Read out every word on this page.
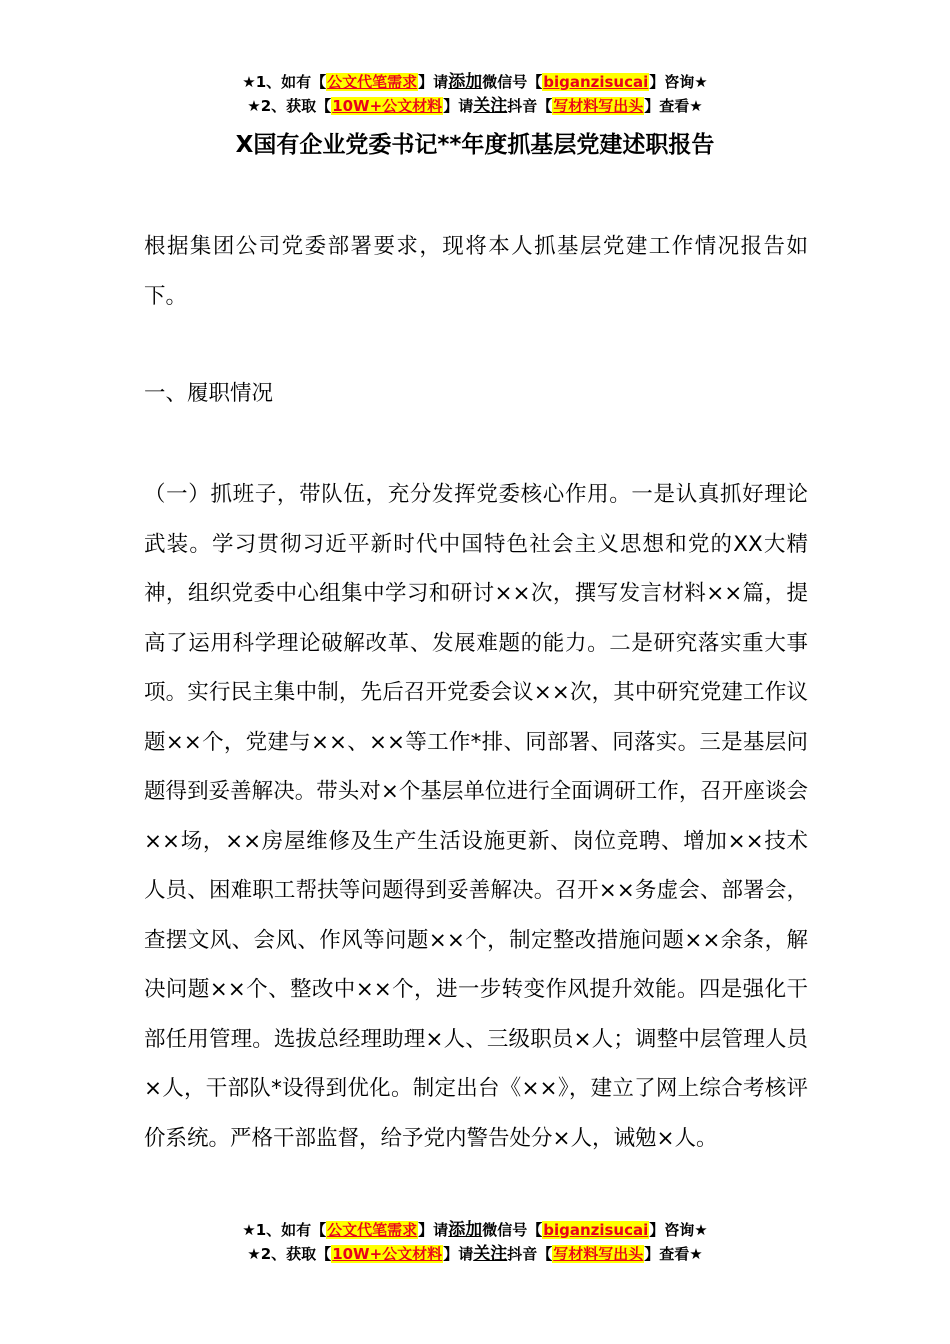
★1、如有【公文代笔需求】请添加微信号【biganzisucai】咨询★
★2、获取【10W+公文材料】请关注抖音【写材料写出头】查看★
X国有企业党委书记**年度抓基层党建述职报告

根据集团公司党委部署要求，现将本人抓基层党建工作情况报告如下。

一、履职情况

（一）抓班子，带队伍，充分发挥党委核心作用。一是认真抓好理论武装。学习贯彻习近平新时代中国特色社会主义思想和党的XX大精神，组织党委中心组集中学习和研讨××次，撰写发言材料××篇，提高了运用科学理论破解改革、发展难题的能力。二是研究落实重大事项。实行民主集中制，先后召开党委会议××次，其中研究党建工作议题××个，党建与××、××等工作*排、同部署、同落实。三是基层问题得到妥善解决。带头对×个基层单位进行全面调研工作，召开座谈会××场，××房屋维修及生产生活设施更新、岗位竞聘、增加××技术人员、困难职工帮扶等问题得到妥善解决。召开××务虚会、部署会，查摆文风、会风、作风等问题××个，制定整改措施问题××余条，解决问题××个、整改中××个，进一步转变作风提升效能。四是强化干部任用管理。选拔总经理助理×人、三级职员×人；调整中层管理人员×人，干部队*设得到优化。制定出台《××》，建立了网上综合考核评价系统。严格干部监督，给予党内警告处分×人，诫勉×人。

★1、如有【公文代笔需求】请添加微信号【biganzisucai】咨询★
★2、获取【10W+公文材料】请关注抖音【写材料写出头】查看★
